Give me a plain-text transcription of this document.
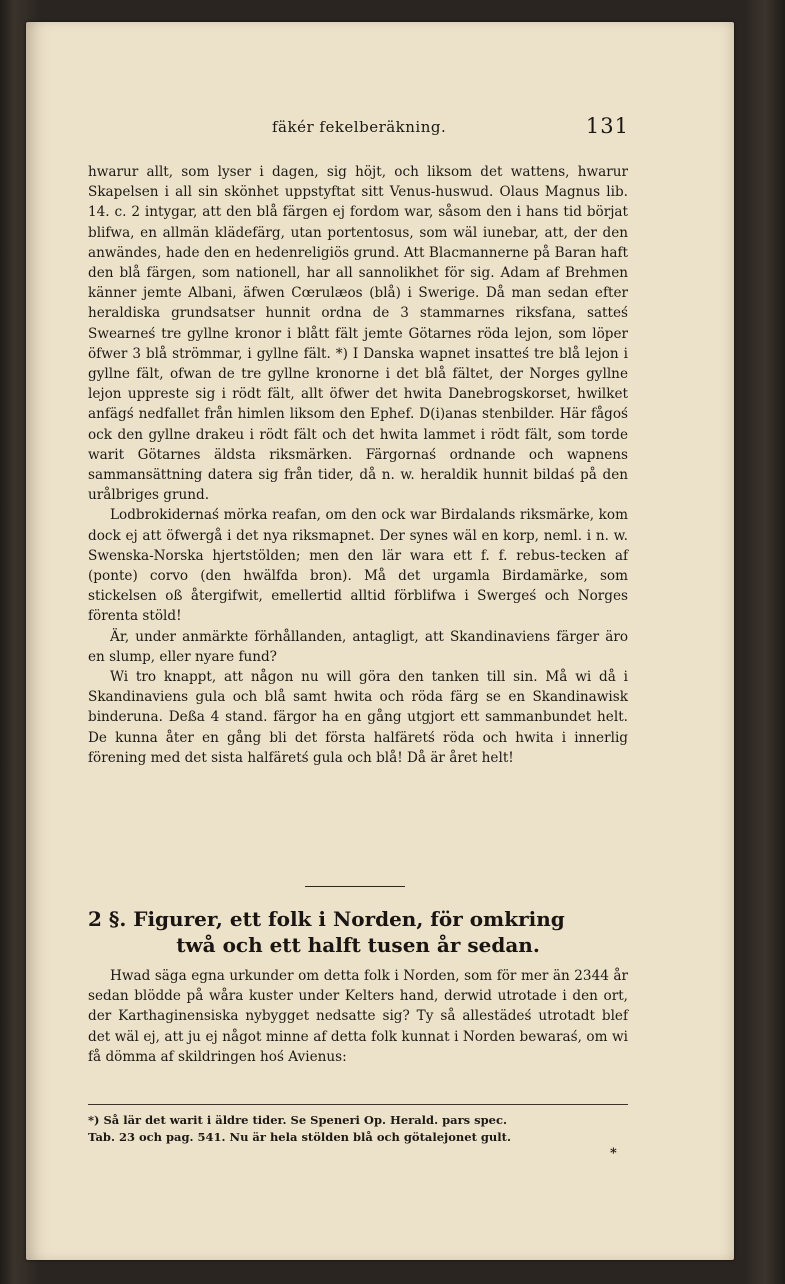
fäkér fekelberäkning.	131

hwarur allt, som lyser i dagen, sig höjt, och liksom det wattens, hwarur Skapelsen i all sin skönhet uppstyftat sitt Venus-huswud. Olaus Magnus lib. 14. c. 2 intygar, att den blå färgen ej fordom war, såsom den i hans tid börjat blifwa, en allmän klädefärg, utan portentosus, som wäl iunebar, att, der den anwändes, hade den en hedenreligiös grund. Att Blacmannerne på Baran haft den blå färgen, som nationell, har all sannolikhet för sig. Adam af Brehmen känner jemte Albani, äfwen Cœrulæos (blå) i Swerige. Då man sedan efter heraldiska grundsatser hunnit ordna de 3 stammarnes riksfana, satteś Swearneś tre gyllne kronor i blått fält jemte Götarnes röda lejon, som löper öfwer 3 blå strömmar, i gyllne fält. *) I Danska wapnet insatteś tre blå lejon i gyllne fält, ofwan de tre gyllne kronorne i det blå fältet, der Norges gyllne lejon uppreste sig i rödt fält, allt öfwer det hwita Danebrogskorset, hwilket anfägś nedfallet från himlen liksom den Ephef. D(i)anas stenbilder. Här fågoś ock den gyllne drakeu i rödt fält och det hwita lammet i rödt fält, som torde warit Götarnes äldsta riksmärken. Färgornaś ordnande och wapnens sammansättning datera sig från tider, då n. w. heraldik hunnit bildaś på den urålbriges grund.

Lodbrokidernaś mörka reafan, om den ock war Birdalands riksmärke, kom dock ej att öfwergå i det nya riksmapnet. Der synes wäl en korp, neml. i n. w. Swenska-Norska hjertstölden; men den lär wara ett f. f. rebus-tecken af (ponte) corvo (den hwälfda bron). Må det urgamla Birdamärke, som stickelsen oß återgifwit, emellertid alltid förblifwa i Swergeś och Norges förenta stöld!

Är, under anmärkte förhållanden, antagligt, att Skandinaviens färger äro en slump, eller nyare fund?

Wi tro knappt, att någon nu will göra den tanken till sin. Må wi då i Skandinaviens gula och blå samt hwita och röda färg se en Skandinawisk binderuna. Deßa 4 stand. färgor ha en gång utgjort ett sammanbundet helt. De kunna åter en gång bli det förstа halfäretś röda och hwita i innerlig förening med det sista halfäretś gula och blå! Då är året helt!

2 §. Figurer, ett folk i Norden, för omkring
twå och ett halft tusen år sedan.

Hwad säga egna urkunder om detta folk i Norden, som för mer än 2344 år sedan blödde på wåra kuster under Kelters hand, derwid utrotade i den ort, der Karthaginensiska nybygget nedsatte sig? Ty så allestädeś utrotadt blef det wäl ej, att ju ej något minne af detta folk kunnat i Norden bewaraś, om wi få dömma af skildringen hoś Avienus:

*) Så lär det warit i äldre tider. Se Speneri Op. Herald. pars spec.

Tab. 23 och pag. 541. Nu är hela stölden blå och götalejonet gult.

*
